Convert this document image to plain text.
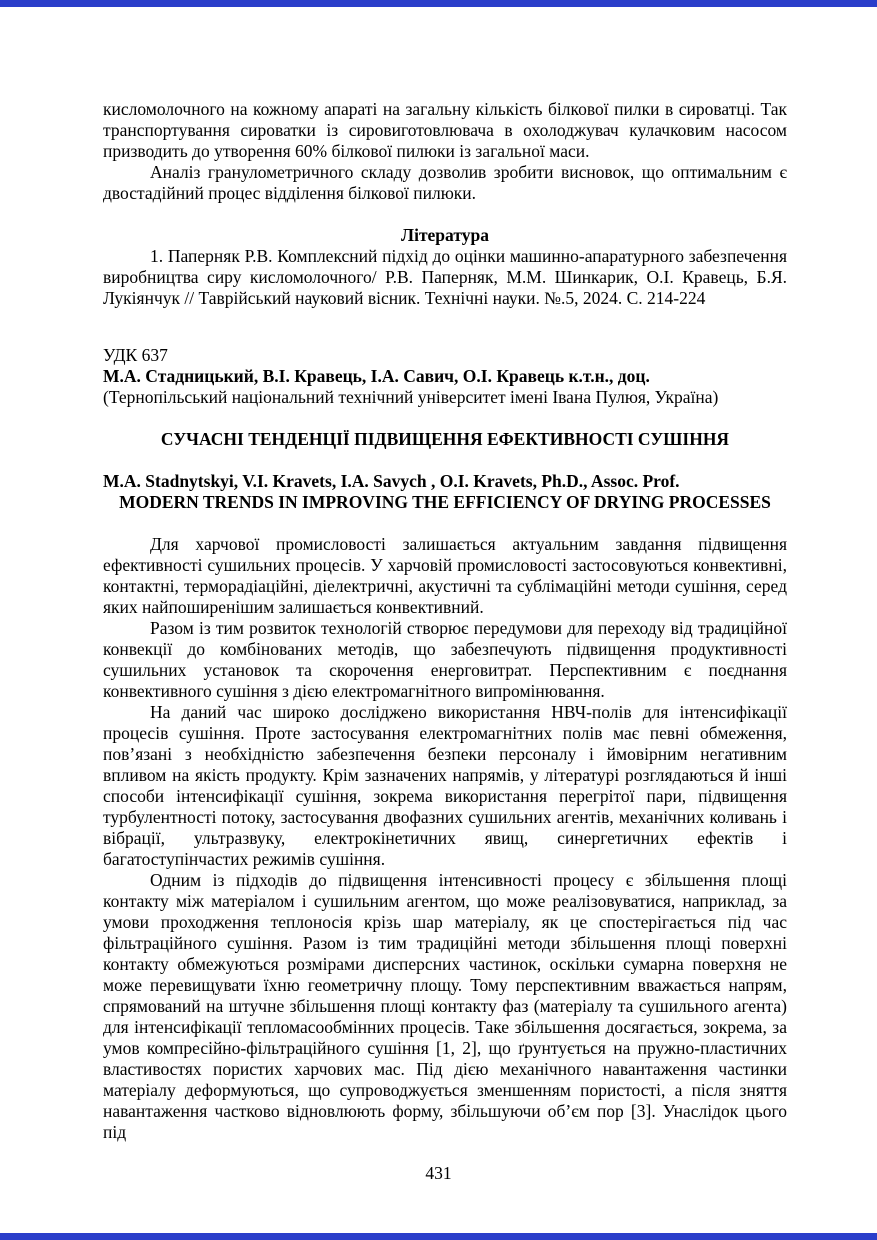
кисломолочного на кожному апараті на загальну кількість білкової пилки в сироватці. Так транспортування сироватки із сировиготовлювача в охолоджувач кулачковим насосом призводить до утворення 60% білкової пилюки із загальної маси.

Аналіз гранулометричного складу дозволив зробити висновок, що оптимальним є двостадійний процес відділення білкової пилюки.

Література

1. Паперняк Р.В. Комплексний підхід до оцінки машинно-апаратурного забезпечення виробництва сиру кисломолочного/ Р.В. Паперняк, М.М. Шинкарик, О.І. Кравець, Б.Я. Лукіянчук // Таврійський науковий вісник. Технічні науки. №.5, 2024. С. 214-224

УДК 637

М.А. Стадницький, В.І. Кравець, І.А. Савич, О.І. Кравець к.т.н., доц.

(Тернопільський національний технічний університет імені Івана Пулюя, Україна)

СУЧАСНІ ТЕНДЕНЦІЇ ПІДВИЩЕННЯ ЕФЕКТИВНОСТІ СУШІННЯ

M.A. Stadnytskyi, V.I. Kravets, I.A. Savych , O.I. Kravets, Ph.D., Assoc. Prof.

MODERN TRENDS IN IMPROVING THE EFFICIENCY OF DRYING PROCESSES

Для харчової промисловості залишається актуальним завдання підвищення ефективності сушильних процесів. У харчовій промисловості застосовуються конвективні, контактні, терморадіаційні, діелектричні, акустичні та сублімаційні методи сушіння, серед яких найпоширенішим залишається конвективний.

Разом із тим розвиток технологій створює передумови для переходу від традиційної конвекції до комбінованих методів, що забезпечують підвищення продуктивності сушильних установок та скорочення енерговитрат. Перспективним є поєднання конвективного сушіння з дією електромагнітного випромінювання.

На даний час широко досліджено використання НВЧ-полів для інтенсифікації процесів сушіння. Проте застосування електромагнітних полів має певні обмеження, пов’язані з необхідністю забезпечення безпеки персоналу і ймовірним негативним впливом на якість продукту. Крім зазначених напрямів, у літературі розглядаються й інші способи інтенсифікації сушіння, зокрема використання перегрітої пари, підвищення турбулентності потоку, застосування двофазних сушильних агентів, механічних коливань і вібрації, ультразвуку, електрокінетичних явищ, синергетичних ефектів і багатоступінчастих режимів сушіння.

Одним із підходів до підвищення інтенсивності процесу є збільшення площі контакту між матеріалом і сушильним агентом, що може реалізовуватися, наприклад, за умови проходження теплоносія крізь шар матеріалу, як це спостерігається під час фільтраційного сушіння. Разом із тим традиційні методи збільшення площі поверхні контакту обмежуються розмірами дисперсних частинок, оскільки сумарна поверхня не може перевищувати їхню геометричну площу. Тому перспективним вважається напрям, спрямований на штучне збільшення площі контакту фаз (матеріалу та сушильного агента) для інтенсифікації тепломасообмінних процесів. Таке збільшення досягається, зокрема, за умов компресійно-фільтраційного сушіння [1, 2], що ґрунтується на пружно-пластичних властивостях пористих харчових мас. Під дією механічного навантаження частинки матеріалу деформуються, що супроводжується зменшенням пористості, а після зняття навантаження частково відновлюють форму, збільшуючи об’єм пор [3]. Унаслідок цього під

431
